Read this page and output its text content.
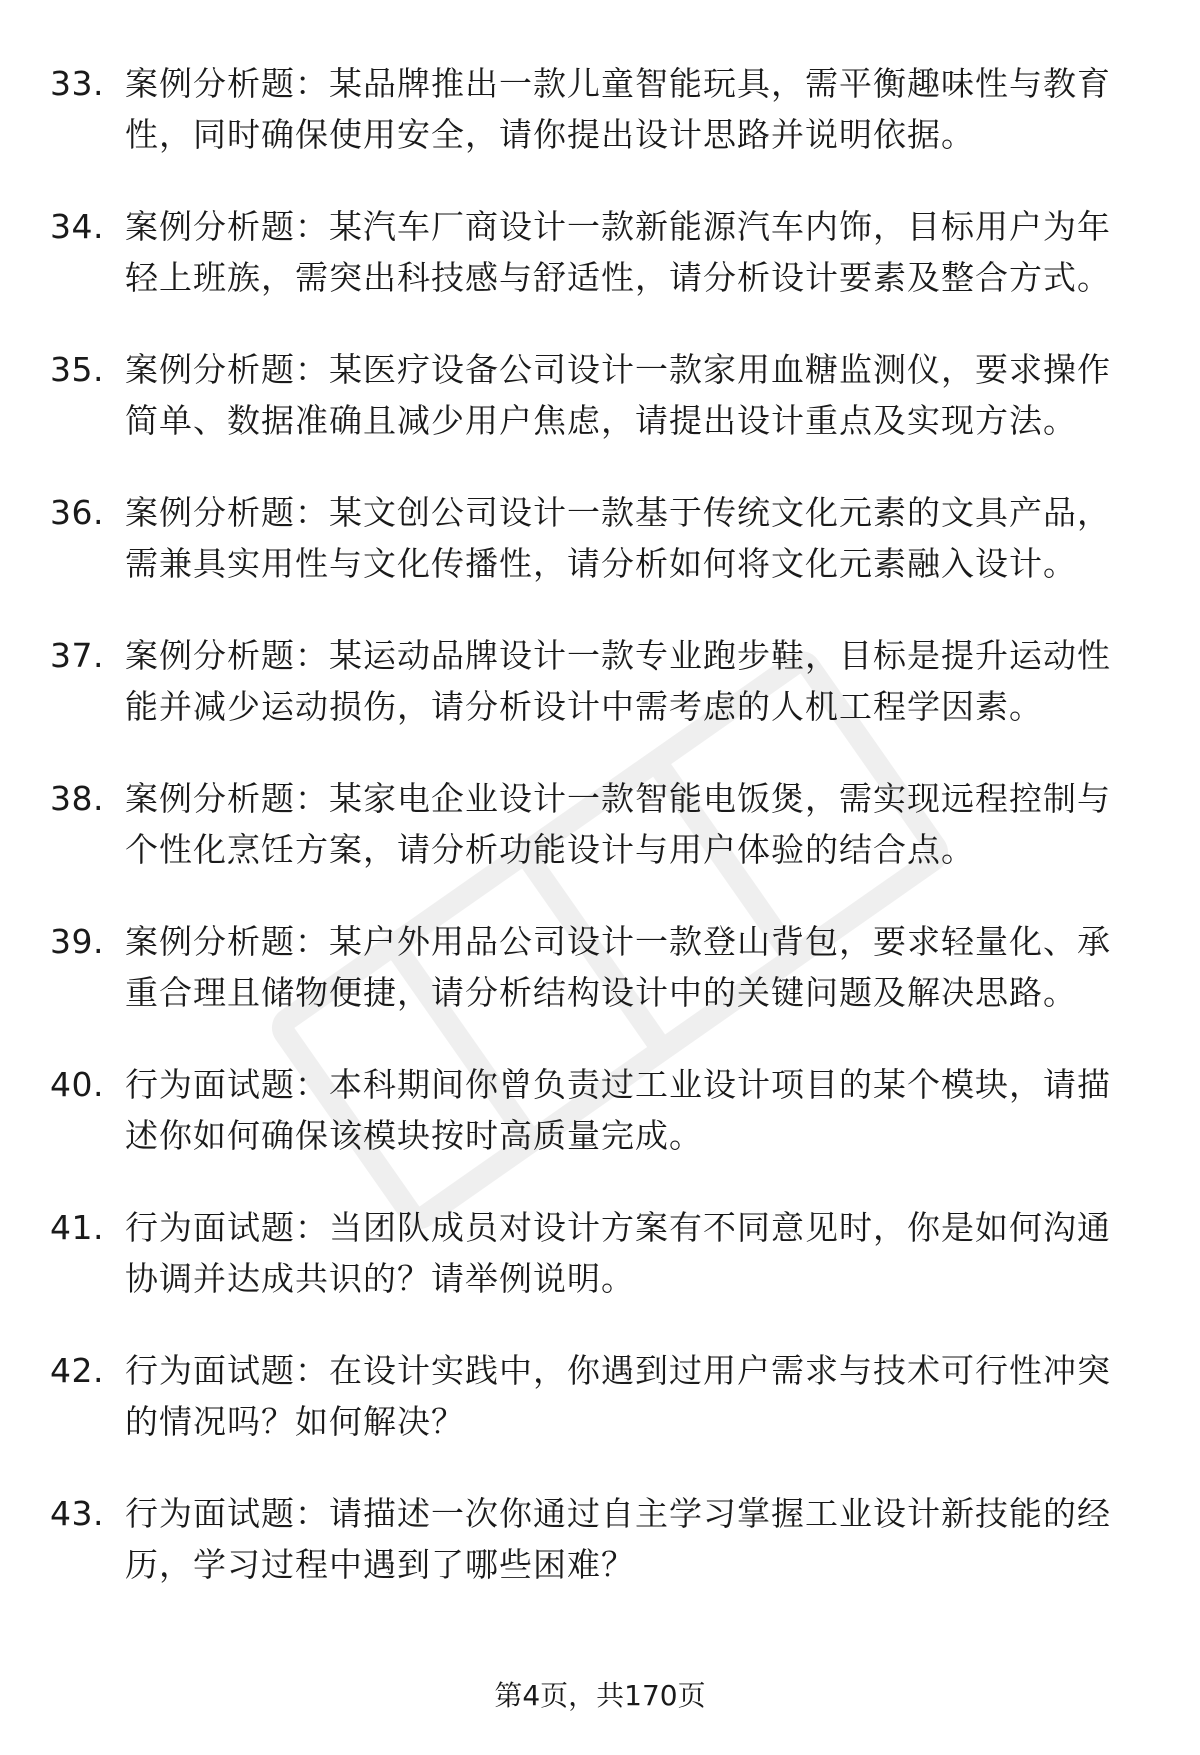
33. 案例分析题：某品牌推出一款儿童智能玩具，需平衡趣味性与教育性，同时确保使用安全，请你提出设计思路并说明依据。
34. 案例分析题：某汽车厂商设计一款新能源汽车内饰，目标用户为年轻上班族，需突出科技感与舒适性，请分析设计要素及整合方式。
35. 案例分析题：某医疗设备公司设计一款家用血糖监测仪，要求操作简单、数据准确且减少用户焦虑，请提出设计重点及实现方法。
36. 案例分析题：某文创公司设计一款基于传统文化元素的文具产品，需兼具实用性与文化传播性，请分析如何将文化元素融入设计。
37. 案例分析题：某运动品牌设计一款专业跑步鞋，目标是提升运动性能并减少运动损伤，请分析设计中需考虑的人机工程学因素。
38. 案例分析题：某家电企业设计一款智能电饭煲，需实现远程控制与个性化烹饪方案，请分析功能设计与用户体验的结合点。
39. 案例分析题：某户外用品公司设计一款登山背包，要求轻量化、承重合理且储物便捷，请分析结构设计中的关键问题及解决思路。
40. 行为面试题：本科期间你曾负责过工业设计项目的某个模块，请描述你如何确保该模块按时高质量完成。
41. 行为面试题：当团队成员对设计方案有不同意见时，你是如何沟通协调并达成共识的？请举例说明。
42. 行为面试题：在设计实践中，你遇到过用户需求与技术可行性冲突的情况吗？如何解决？
43. 行为面试题：请描述一次你通过自主学习掌握工业设计新技能的经历，学习过程中遇到了哪些困难？
第4页，共170页
